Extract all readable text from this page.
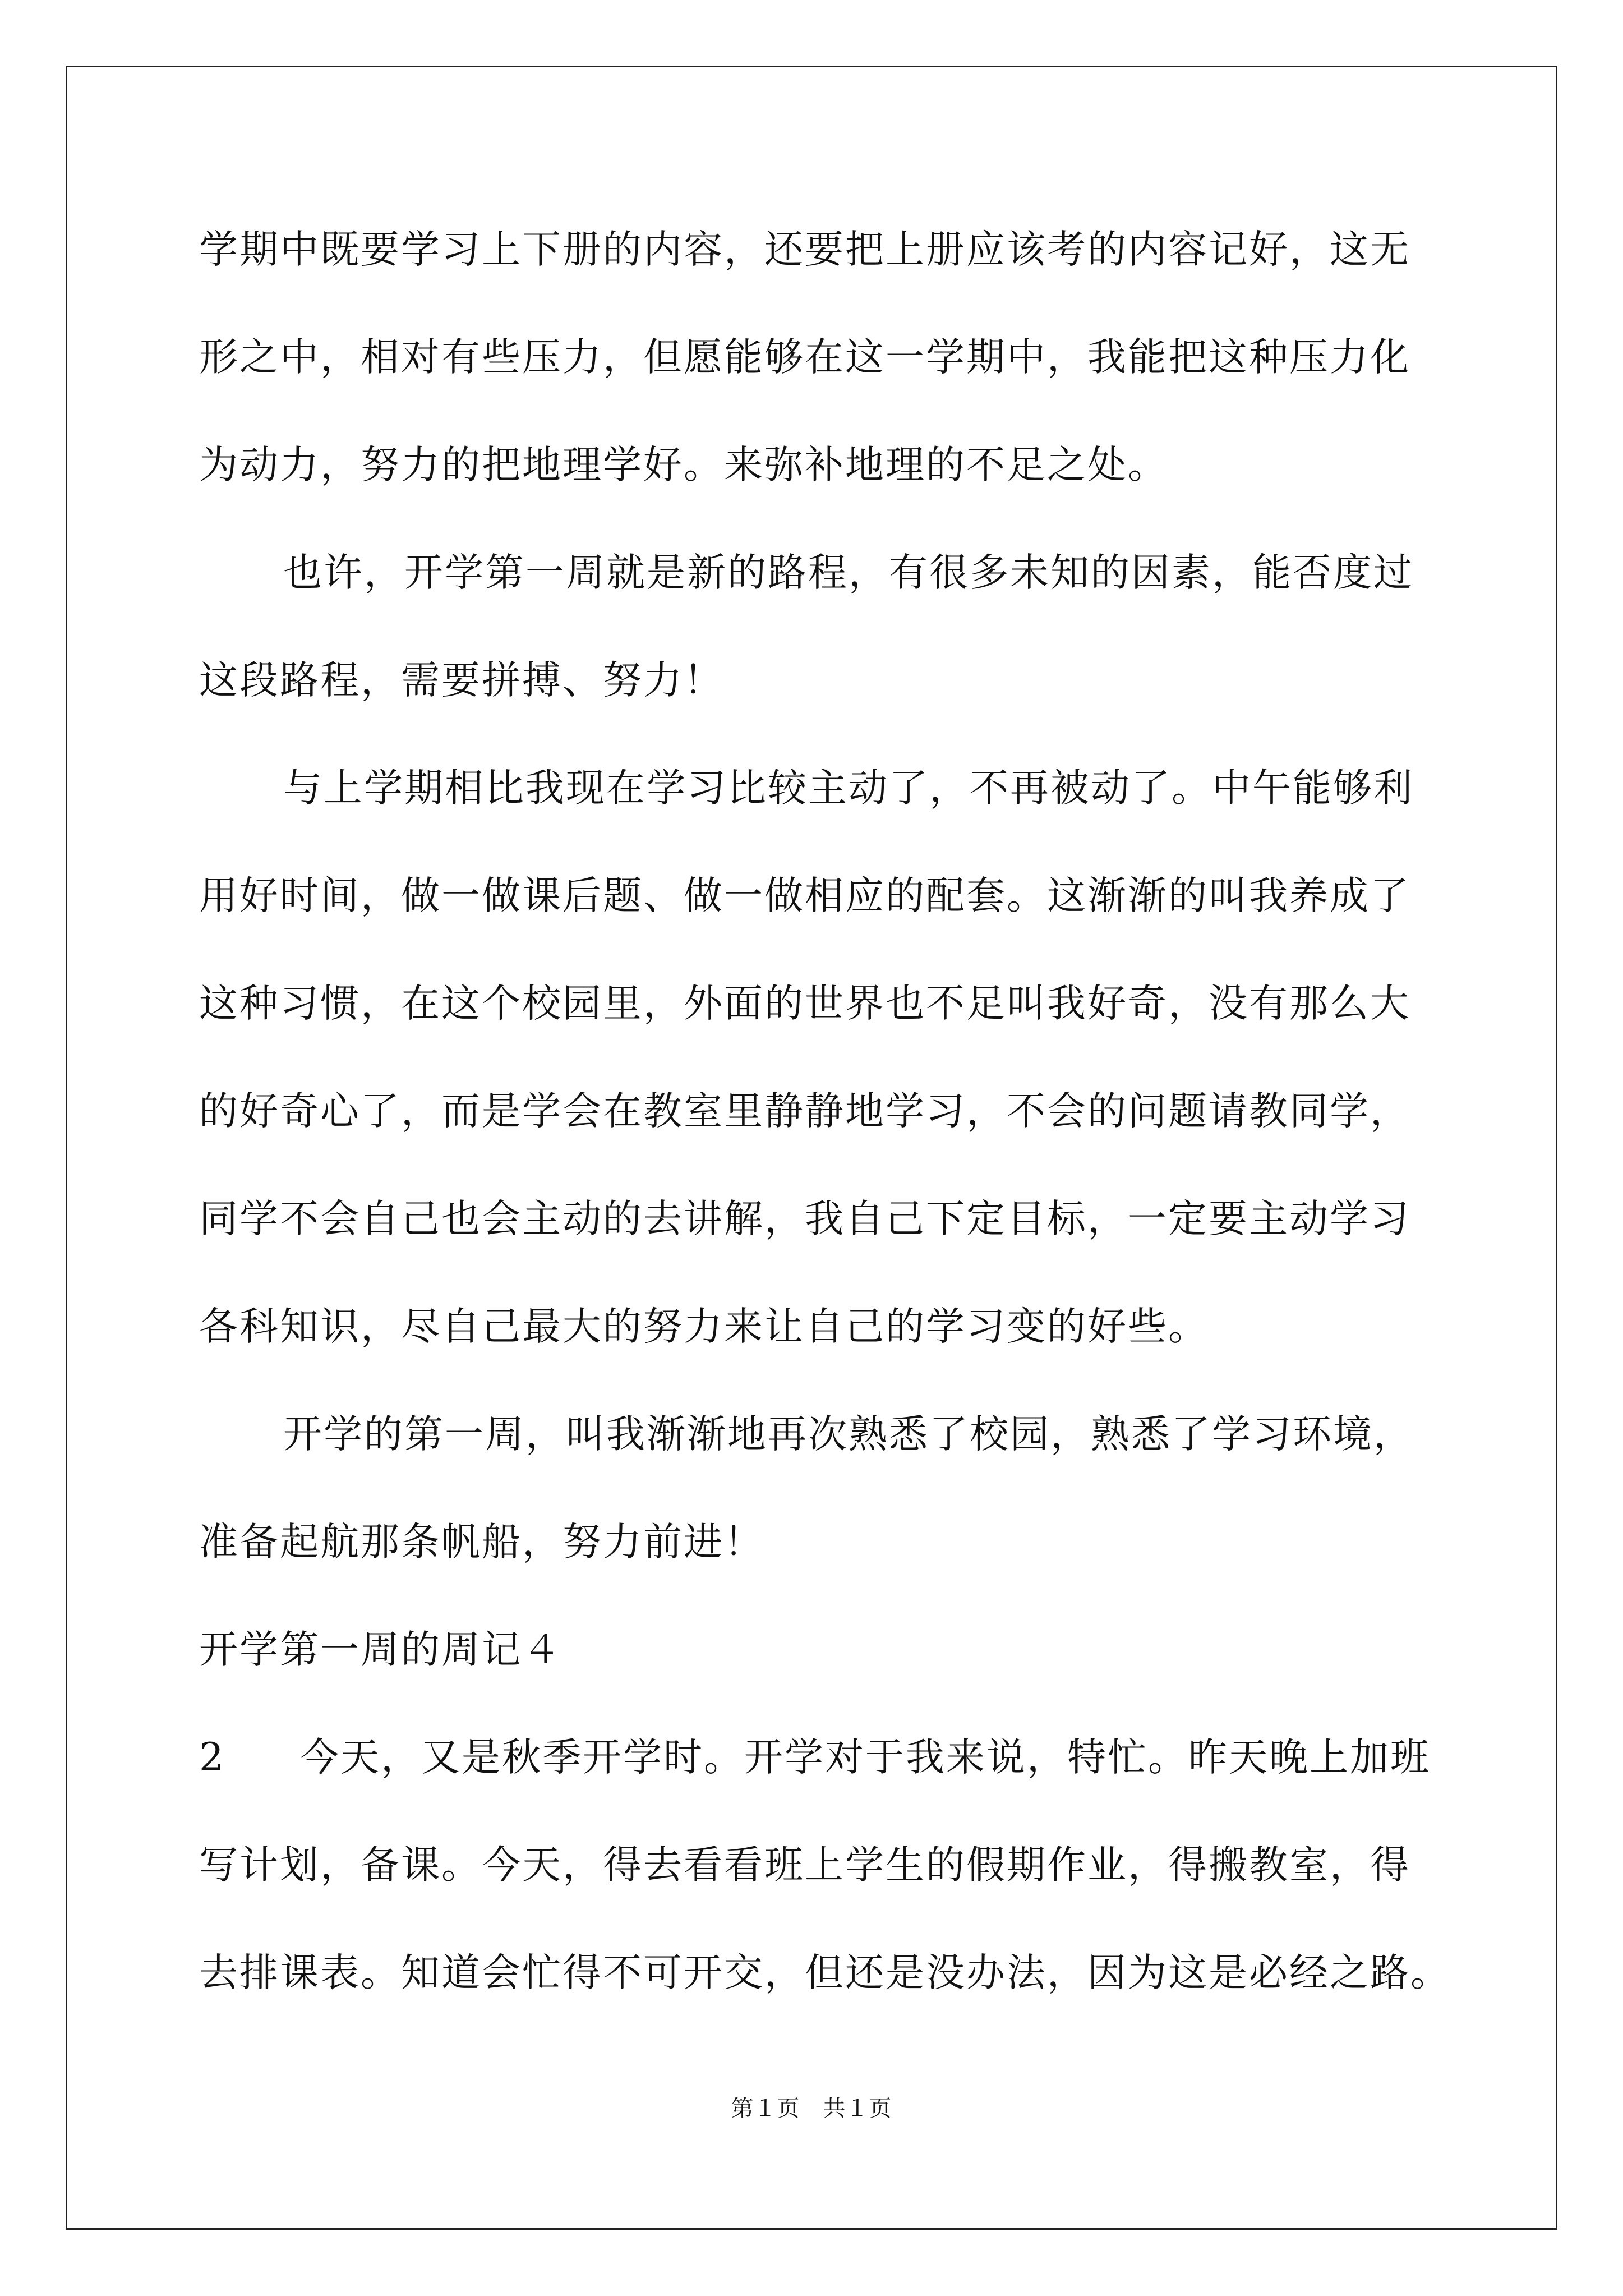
学期中既要学习上下册的内容，还要把上册应该考的内容记好，这无
形之中，相对有些压力，但愿能够在这一学期中，我能把这种压力化
为动力，努力的把地理学好。来弥补地理的不足之处。
也许，开学第一周就是新的路程，有很多未知的因素，能否度过
这段路程，需要拼搏、努力！
与上学期相比我现在学习比较主动了，不再被动了。中午能够利
用好时间，做一做课后题、做一做相应的配套。这渐渐的叫我养成了
这种习惯，在这个校园里，外面的世界也不足叫我好奇，没有那么大
的好奇心了，而是学会在教室里静静地学习，不会的问题请教同学，
同学不会自己也会主动的去讲解，我自己下定目标，一定要主动学习
各科知识，尽自己最大的努力来让自己的学习变的好些。
开学的第一周，叫我渐渐地再次熟悉了校园，熟悉了学习环境，
准备起航那条帆船，努力前进！
开学第一周的周记４
2 今天，又是秋季开学时。开学对于我来说，特忙。昨天晚上加班
写计划，备课。今天，得去看看班上学生的假期作业，得搬教室，得
去排课表。知道会忙得不可开交，但还是没办法，因为这是必经之路。
第１页　共１页
